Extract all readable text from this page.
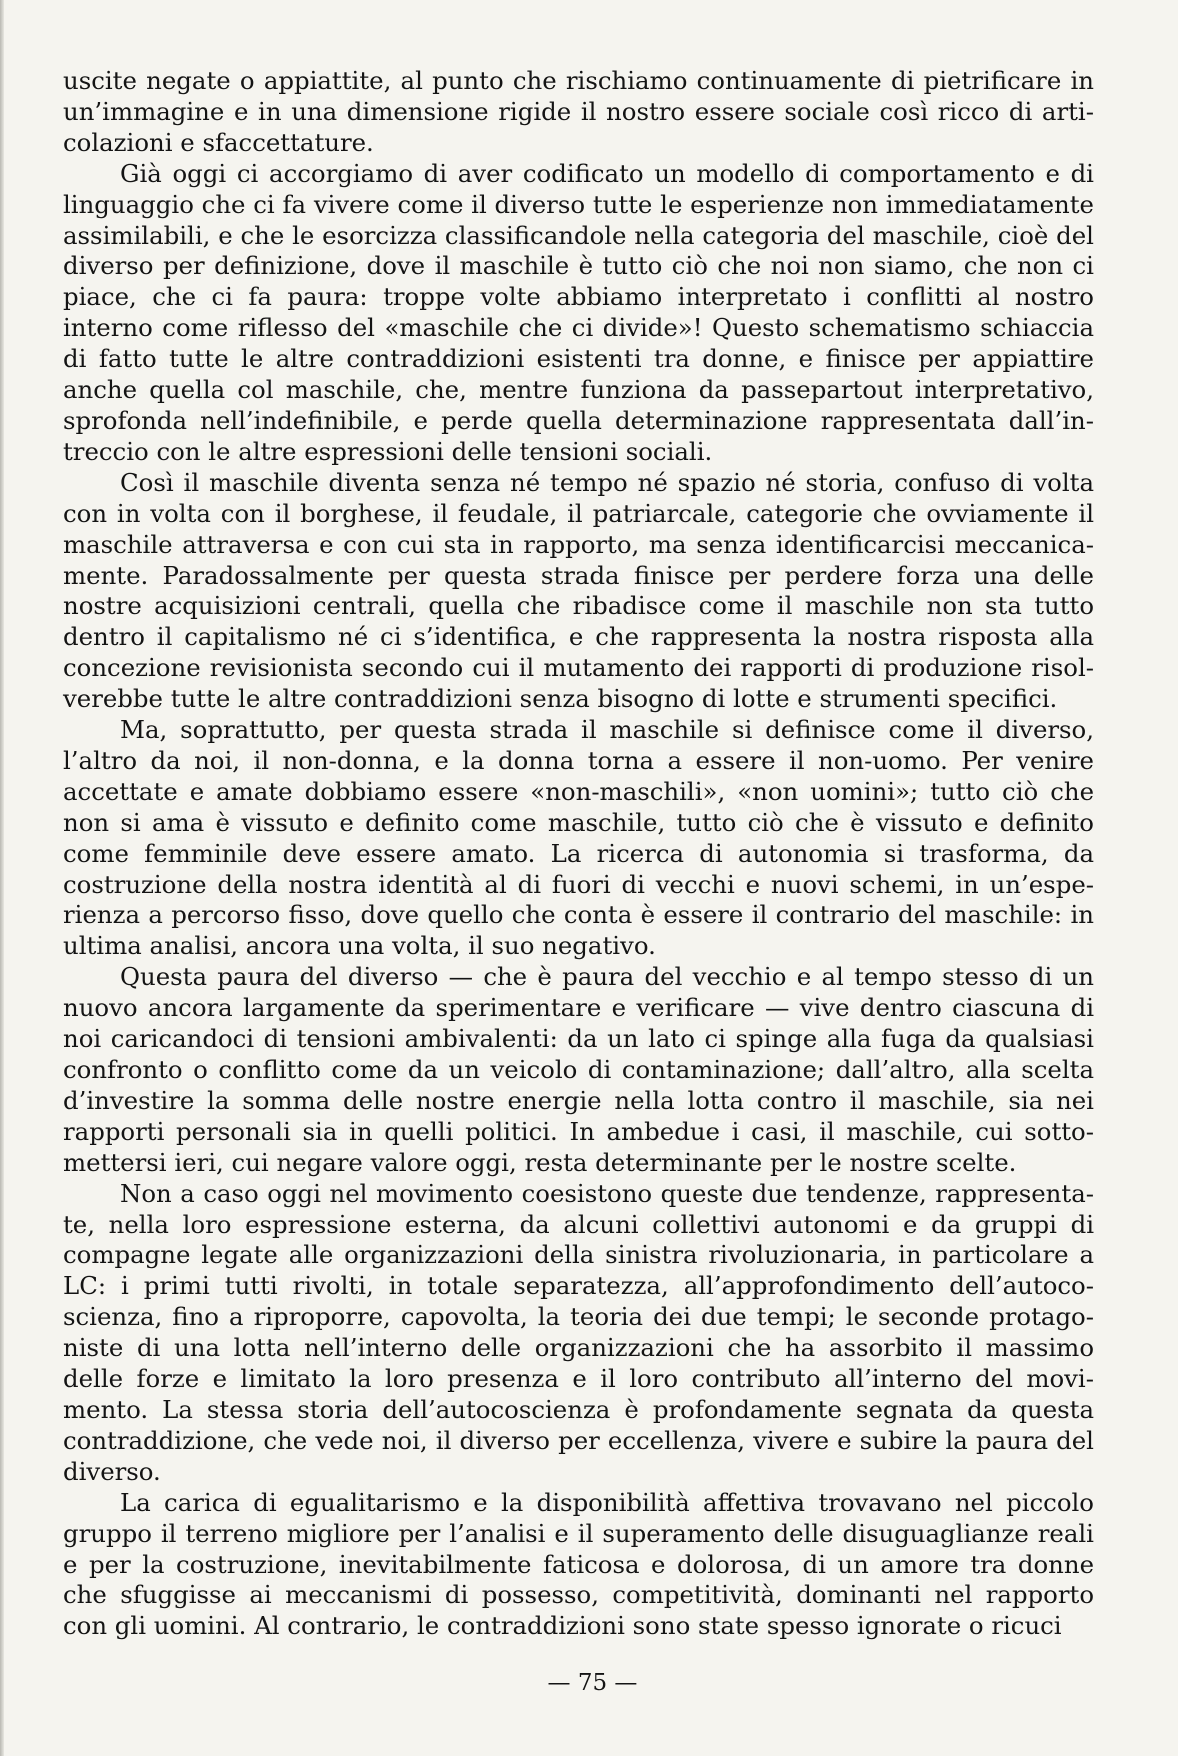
uscite negate o appiattite, al punto che rischiamo continuamente di pietrificare in un’immagine e in una dimensione rigide il nostro essere sociale così ricco di articolazioni e sfaccettature.

Già oggi ci accorgiamo di aver codificato un modello di comportamento e di linguaggio che ci fa vivere come il diverso tutte le esperienze non immediatamente assimilabili, e che le esorcizza classificandole nella categoria del maschile, cioè del diverso per definizione, dove il maschile è tutto ciò che noi non siamo, che non ci piace, che ci fa paura: troppe volte abbiamo interpretato i conflitti al nostro interno come riflesso del «maschile che ci divide»! Questo schematismo schiaccia di fatto tutte le altre contraddizioni esistenti tra donne, e finisce per appiattire anche quella col maschile, che, mentre funziona da passepartout interpretativo, sprofonda nell’indefinibile, e perde quella determinazione rappresentata dall’intreccio con le altre espressioni delle tensioni sociali.

Così il maschile diventa senza né tempo né spazio né storia, confuso di volta con in volta con il borghese, il feudale, il patriarcale, categorie che ovviamente il maschile attraversa e con cui sta in rapporto, ma senza identificarcisi meccanicamente. Paradossalmente per questa strada finisce per perdere forza una delle nostre acquisizioni centrali, quella che ribadisce come il maschile non sta tutto dentro il capitalismo né ci s’identifica, e che rappresenta la nostra risposta alla concezione revisionista secondo cui il mutamento dei rapporti di produzione risolverebbe tutte le altre contraddizioni senza bisogno di lotte e strumenti specifici.

Ma, soprattutto, per questa strada il maschile si definisce come il diverso, l’altro da noi, il non-donna, e la donna torna a essere il non-uomo. Per venire accettate e amate dobbiamo essere «non-maschili», «non uomini»; tutto ciò che non si ama è vissuto e definito come maschile, tutto ciò che è vissuto e definito come femminile deve essere amato. La ricerca di autonomia si trasforma, da costruzione della nostra identità al di fuori di vecchi e nuovi schemi, in un’esperienza a percorso fisso, dove quello che conta è essere il contrario del maschile: in ultima analisi, ancora una volta, il suo negativo.

Questa paura del diverso — che è paura del vecchio e al tempo stesso di un nuovo ancora largamente da sperimentare e verificare — vive dentro ciascuna di noi caricandoci di tensioni ambivalenti: da un lato ci spinge alla fuga da qualsiasi confronto o conflitto come da un veicolo di contaminazione; dall’altro, alla scelta d’investire la somma delle nostre energie nella lotta contro il maschile, sia nei rapporti personali sia in quelli politici. In ambedue i casi, il maschile, cui sottomettersi ieri, cui negare valore oggi, resta determinante per le nostre scelte.

Non a caso oggi nel movimento coesistono queste due tendenze, rappresentate, nella loro espressione esterna, da alcuni collettivi autonomi e da gruppi di compagne legate alle organizzazioni della sinistra rivoluzionaria, in particolare a LC: i primi tutti rivolti, in totale separatezza, all’approfondimento dell’autocoscienza, fino a riproporre, capovolta, la teoria dei due tempi; le seconde protagoniste di una lotta nell’interno delle organizzazioni che ha assorbito il massimo delle forze e limitato la loro presenza e il loro contributo all’interno del movimento. La stessa storia dell’autocoscienza è profondamente segnata da questa contraddizione, che vede noi, il diverso per eccellenza, vivere e subire la paura del diverso.

La carica di egualitarismo e la disponibilità affettiva trovavano nel piccolo gruppo il terreno migliore per l’analisi e il superamento delle disuguaglianze reali e per la costruzione, inevitabilmente faticosa e dolorosa, di un amore tra donne che sfuggisse ai meccanismi di possesso, competitività, dominanti nel rapporto con gli uomini. Al contrario, le contraddizioni sono state spesso ignorate o ricuci

— 75 —
